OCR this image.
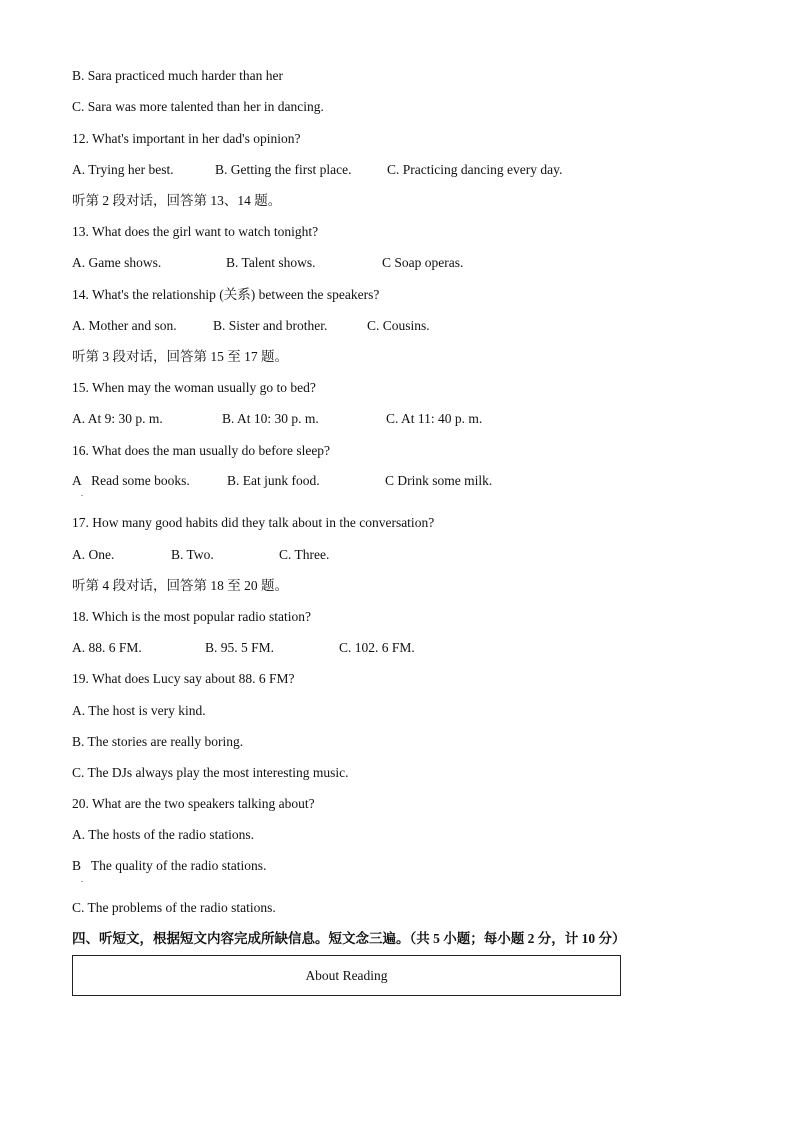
B. Sara practiced much harder than her
C. Sara was more talented than her in dancing.
12. What's important in her dad's opinion?

A. Trying her best.

	B. Getting the first place.

	C. Practicing dancing every day.

听第 2 段对话，回答第 13、14 题。
13. What does the girl want to watch tonight?

A. Game shows.

	B. Talent shows.

	C Soap operas.

14. What's the relationship (关系) between the speakers?

A. Mother and son.

	B. Sister and brother.

	C. Cousins.

听第 3 段对话，回答第 15 至 17 题。
15. When may the woman usually go to bed?

A. At 9: 30 p. m.

	B. At 10: 30 p. m.

	C. At 11: 40 p. m.

16. What does the man usually do before sleep?

A   Read some books.

	B. Eat junk food.

	C Drink some milk.

.
17. How many good habits did they talk about in the conversation?

A. One.

	B. Two.

	C. Three.

听第 4 段对话，回答第 18 至 20 题。
18. Which is the most popular radio station?

A. 88. 6 FM.

	B. 95. 5 FM.

	C. 102. 6 FM.

19. What does Lucy say about 88. 6 FM?
A. The host is very kind.
B. The stories are really boring.
C. The DJs always play the most interesting music.
20. What are the two speakers talking about?
A. The hosts of the radio stations.
B   The quality of the radio stations.
.
C. The problems of the radio stations.
四、听短文，根据短文内容完成所缺信息。短文念三遍。（共 5 小题；每小题 2 分，计 10 分）
About Reading
